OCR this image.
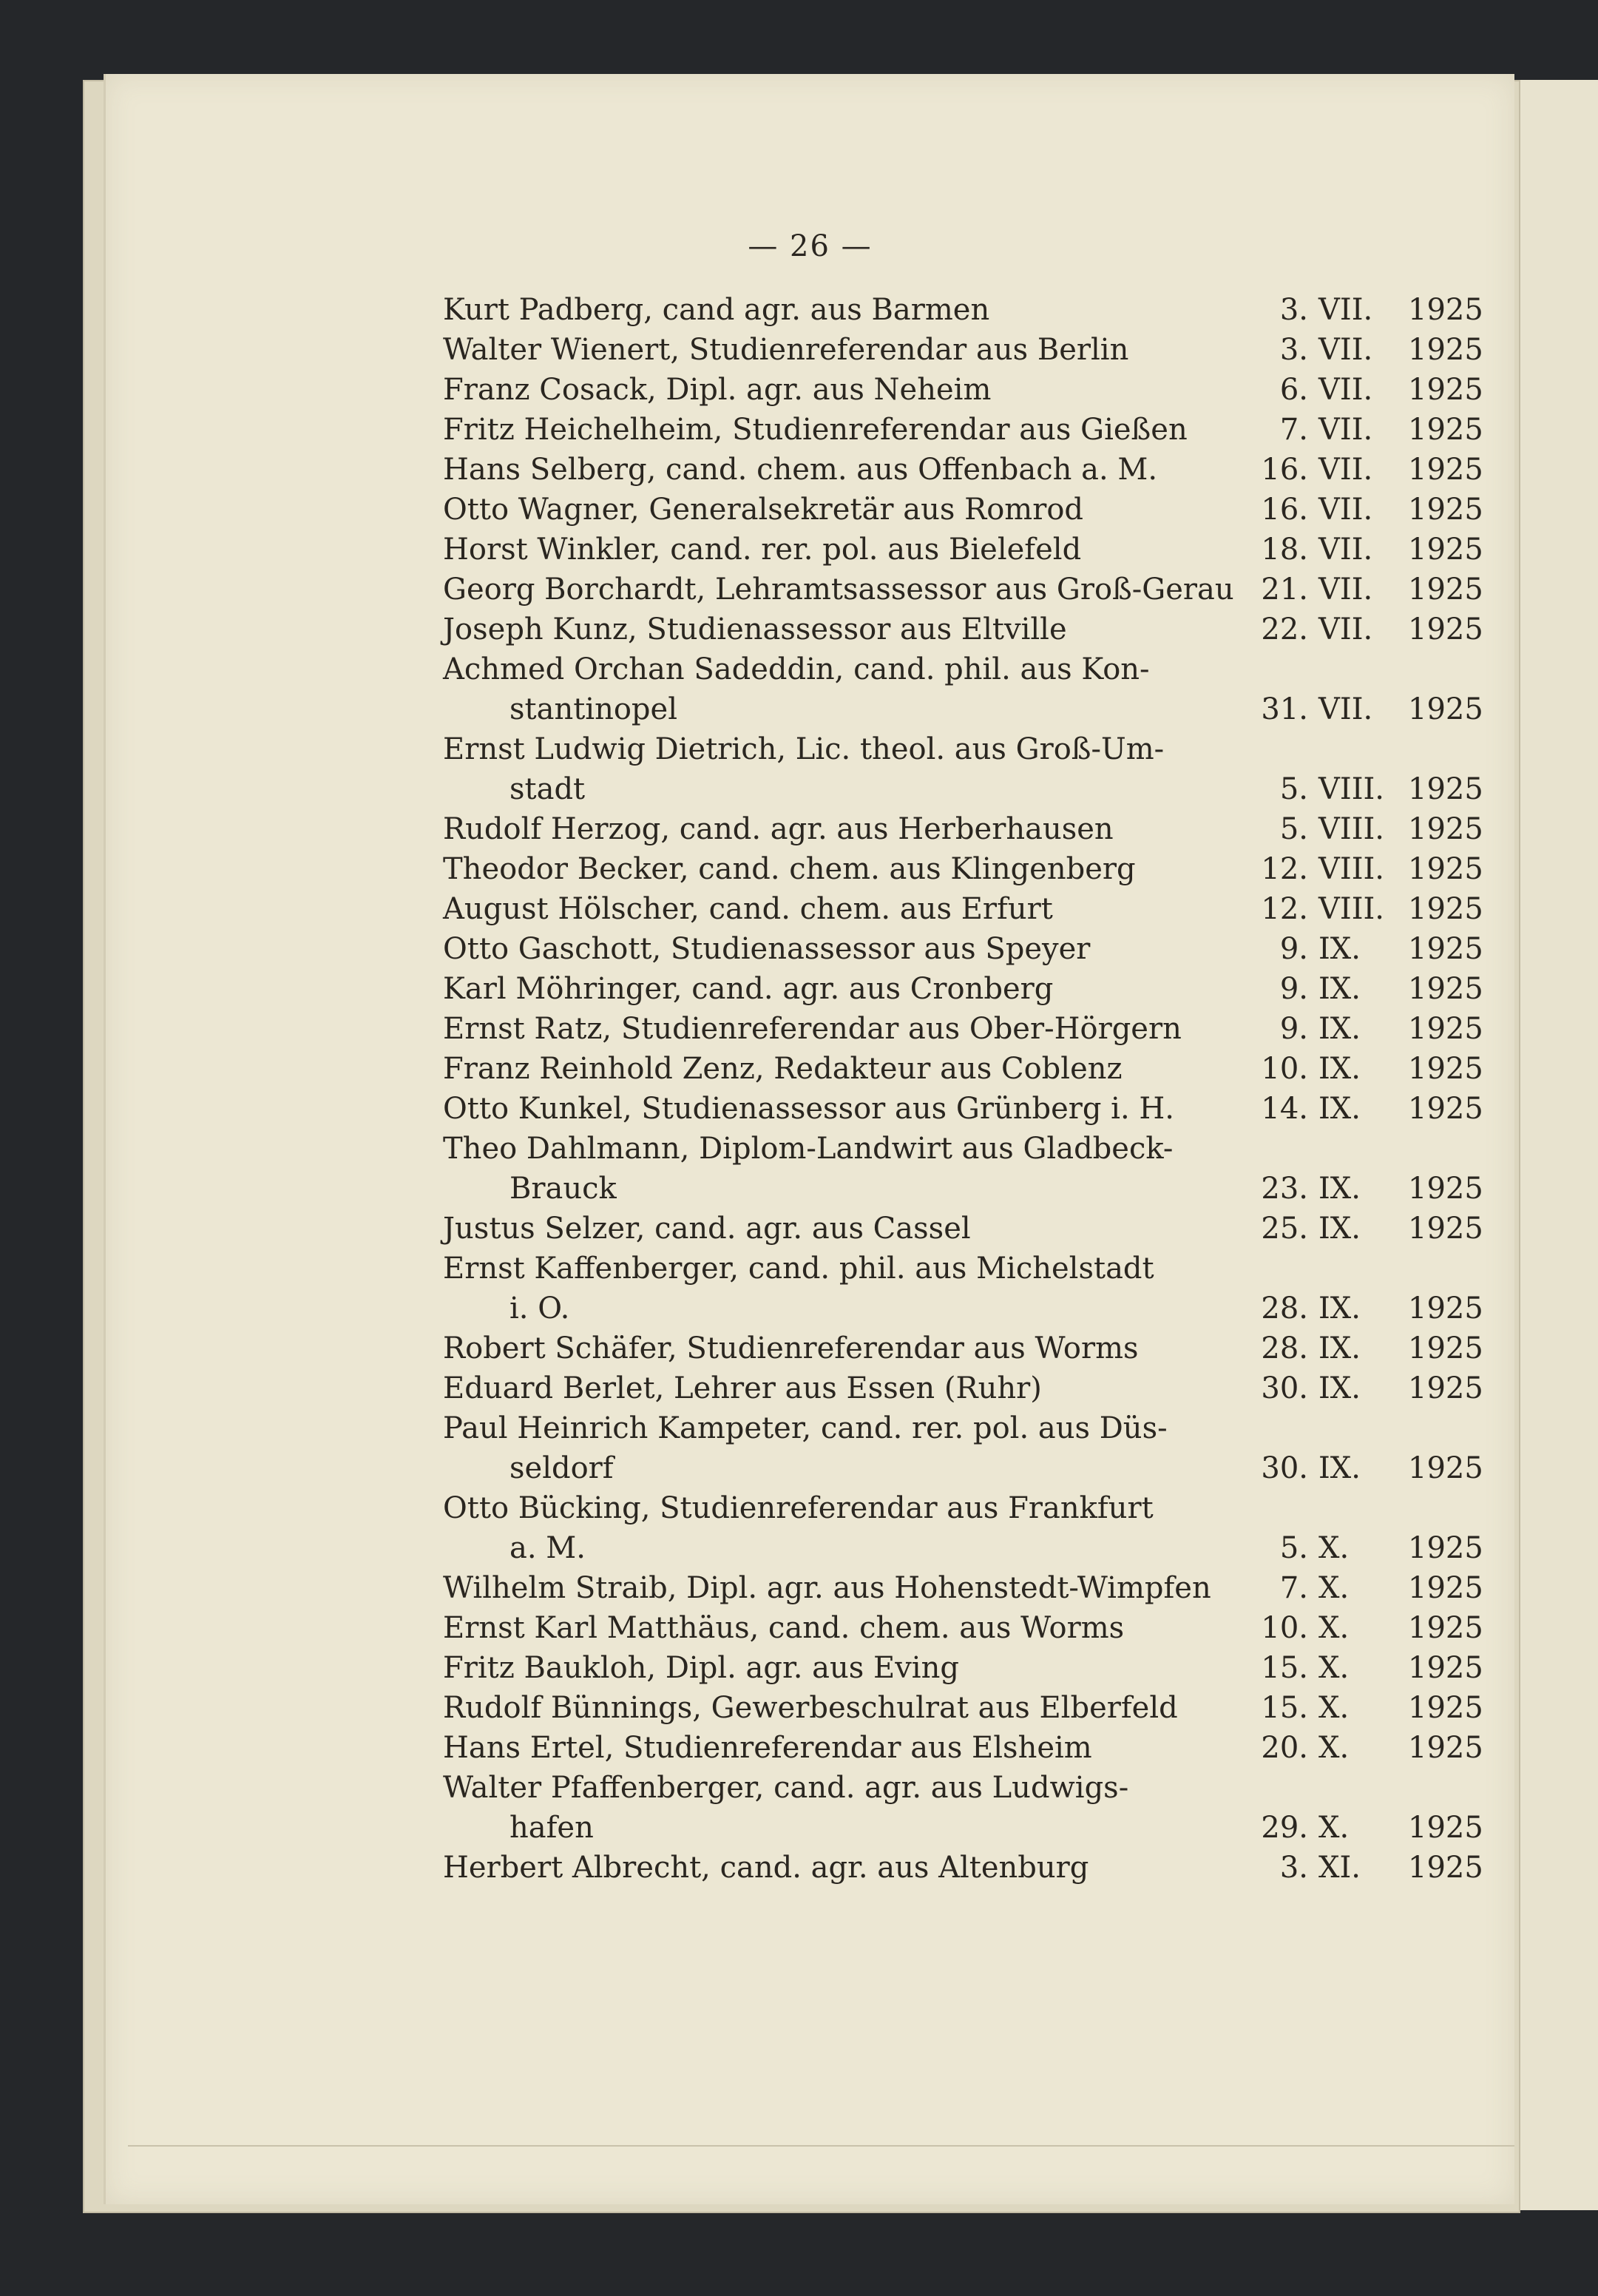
— 26 —
Kurt Padberg, cand agr. aus Barmen	3. VII.	1925
Walter Wienert, Studienreferendar aus Berlin	3. VII.	1925
Franz Cosack, Dipl. agr. aus Neheim	6. VII.	1925
Fritz Heichelheim, Studienreferendar aus Gießen	7. VII.	1925
Hans Selberg, cand. chem. aus Offenbach a. M.	16. VII.	1925
Otto Wagner, Generalsekretär aus Romrod	16. VII.	1925
Horst Winkler, cand. rer. pol. aus Bielefeld	18. VII.	1925
Georg Borchardt, Lehramtsassessor aus Groß-Gerau 21. VII.	1925
Joseph Kunz, Studienassessor aus Eltville	22. VII.	1925
Achmed Orchan Sadeddin, cand. phil. aus Kon-
stantinopel	31. VII.	1925
Ernst Ludwig Dietrich, Lic. theol. aus Groß-Um-
stadt	5. VIII. 1925
Rudolf Herzog, cand. agr. aus Herberhausen	5. VIII. 1925
Theodor Becker, cand. chem. aus Klingenberg	12. VIII. 1925
August Hölscher, cand. chem. aus Erfurt	12. VIII. 1925
Otto Gaschott, Studienassessor aus Speyer	9. IX.	1925
Karl Möhringer, cand. agr. aus Cronberg	9. IX.	1925
Ernst Ratz, Studienreferendar aus Ober-Hörgern	9. IX.	1925
Franz Reinhold Zenz, Redakteur aus Coblenz	10. IX.	1925
Otto Kunkel, Studienassessor aus Grünberg i. H.	14. IX.	1925
Theo Dahlmann, Diplom-Landwirt aus Gladbeck-
Brauck	23. IX.	1925
Justus Selzer, cand. agr. aus Cassel	25. IX.	1925
Ernst Kaffenberger, cand. phil. aus Michelstadt
i. O.	28. IX.	1925
Robert Schäfer, Studienreferendar aus Worms	28. IX.	1925
Eduard Berlet, Lehrer aus Essen (Ruhr)	30. IX.	1925
Paul Heinrich Kampeter, cand. rer. pol. aus Düs-
seldorf	30. IX.	1925
Otto Bücking, Studienreferendar aus Frankfurt
a. M.	5. X.	1925
Wilhelm Straib, Dipl. agr. aus Hohenstedt-Wimpfen	7. X.	1925
Ernst Karl Matthäus, cand. chem. aus Worms	10. X.	1925
Fritz Baukloh, Dipl. agr. aus Eving	15. X.	1925
Rudolf Bünnings, Gewerbeschulrat aus Elberfeld	15. X.	1925
Hans Ertel, Studienreferendar aus Elsheim	20. X.	1925
Walter Pfaffenberger, cand. agr. aus Ludwigs-
hafen	29. X.	1925
Herbert Albrecht, cand. agr. aus Altenburg	3. XI.	1925
